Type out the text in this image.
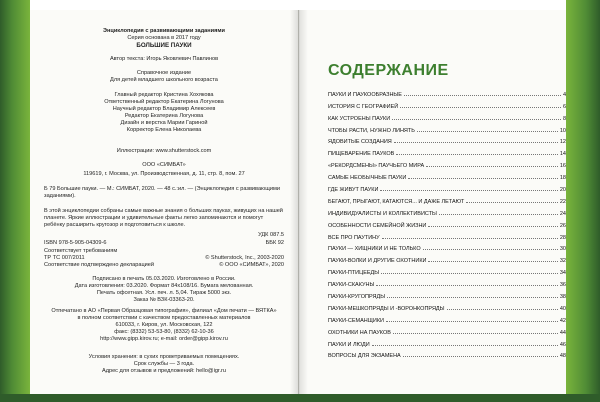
Энциклопедия с развивающими заданиями
Серия основана в 2017 году
БОЛЬШИЕ ПАУКИ
Автор текста: Игорь Яковлевич Павлинов
Справочное издание
Для детей младшего школьного возраста
Главный редактор Кристина Хохякова
Ответственный редактор Екатерина Логунова
Научный редактор Владимир Алексеев
Редактор Екатерина Логунова
Дизайн и верстка Марии Гариной
Корректор Елена Николаева
Иллюстрации: www.shutterstock.com
ООО «СИМБАТ»
119619, г. Москва, ул. Производственная, д. 11, стр. 8, пом. 27
Б 79 Большие пауки. — М.: СИМБАТ, 2020. — 48 с.:ил. — (Энциклопедия с развивающими заданиями).
В этой энциклопедии собраны самые важные знания о больших пауках, живущих на нашей планете. Яркие иллюстрации и удивительные факты легко запоминаются и помогут ребёнку расширить кругозор и подготовиться к школе.
УДК 087.5
ББК 92
ISBN 978-5-905-04309-6
Соответствует требованиям
ТР ТС 007/2011
Соответствие подтверждено декларацией
© Shutterstock, Inc., 2003-2020
© ООО «СИМБАТ», 2020
Подписано в печать 05.03.2020. Изготовлено в России.
Дата изготовления: 03.2020. Формат 84х108/16. Бумага мелованная.
Печать офсетная. Усл. печ. л. 5,04. Тираж 5000 экз.
Заказ № ВЗК-03363-20.
Отпечатано в АО «Первая Образцовая типография», филиал «Дом печати — ВЯТКА»
в полном соответствии с качеством предоставленных материалов
610033, г. Киров, ул. Московская, 122
факс: (8332) 53-53-80, (8332) 62-10-36
http://www.gipp.kirov.ru; e-mail: order@gipp.kirov.ru
Условия хранения: в сухих проветриваемых помещениях.
Срок службы — 3 года.
Адрес для отзывов и предложений: hello@igr.ru
СОДЕРЖАНИЕ
ПАУКИ И ПАУКООБРАЗНЫЕ	4
ИСТОРИЯ С ГЕОГРАФИЕЙ	6
КАК УСТРОЕНЫ ПАУКИ	8
ЧТОБЫ РАСТИ, НУЖНО ЛИНЯТЬ	10
ЯДОВИТЫЕ СОЗДАНИЯ	12
ПИЩЕВАРЕНИЕ ПАУКОВ	14
«РЕКОРДСМЕНЫ» ПАУЧЬЕГО МИРА	16
САМЫЕ НЕОБЫЧНЫЕ ПАУКИ	18
ГДЕ ЖИВУТ ПАУКИ	20
БЕГАЮТ, ПРЫГАЮТ, КАТАЮТСЯ... И ДАЖЕ ЛЕТАЮТ	22
ИНДИВИДУАЛИСТЫ И КОЛЛЕКТИВИСТЫ	24
ОСОБЕННОСТИ СЕМЕЙНОЙ ЖИЗНИ	26
ВСЕ ПРО ПАУТИНУ	28
ПАУКИ — ХИЩНИКИ И НЕ ТОЛЬКО	30
ПАУКИ-ВОЛКИ И ДРУГИЕ ОХОТНИКИ	32
ПАУКИ-ПТИЦЕЕДЫ	34
ПАУКИ-СКАКУНЫ	36
ПАУКИ-КРУГОПРЯДЫ	38
ПАУКИ-МЕШКОПРЯДЫ И -ВОРОНКОПРЯДЫ	40
ПАУКИ-СЕМАНЩИКИ	42
ОХОТНИКИ НА ПАУКОВ	44
ПАУКИ И ЛЮДИ	46
ВОПРОСЫ ДЛЯ ЭКЗАМЕНА	48
